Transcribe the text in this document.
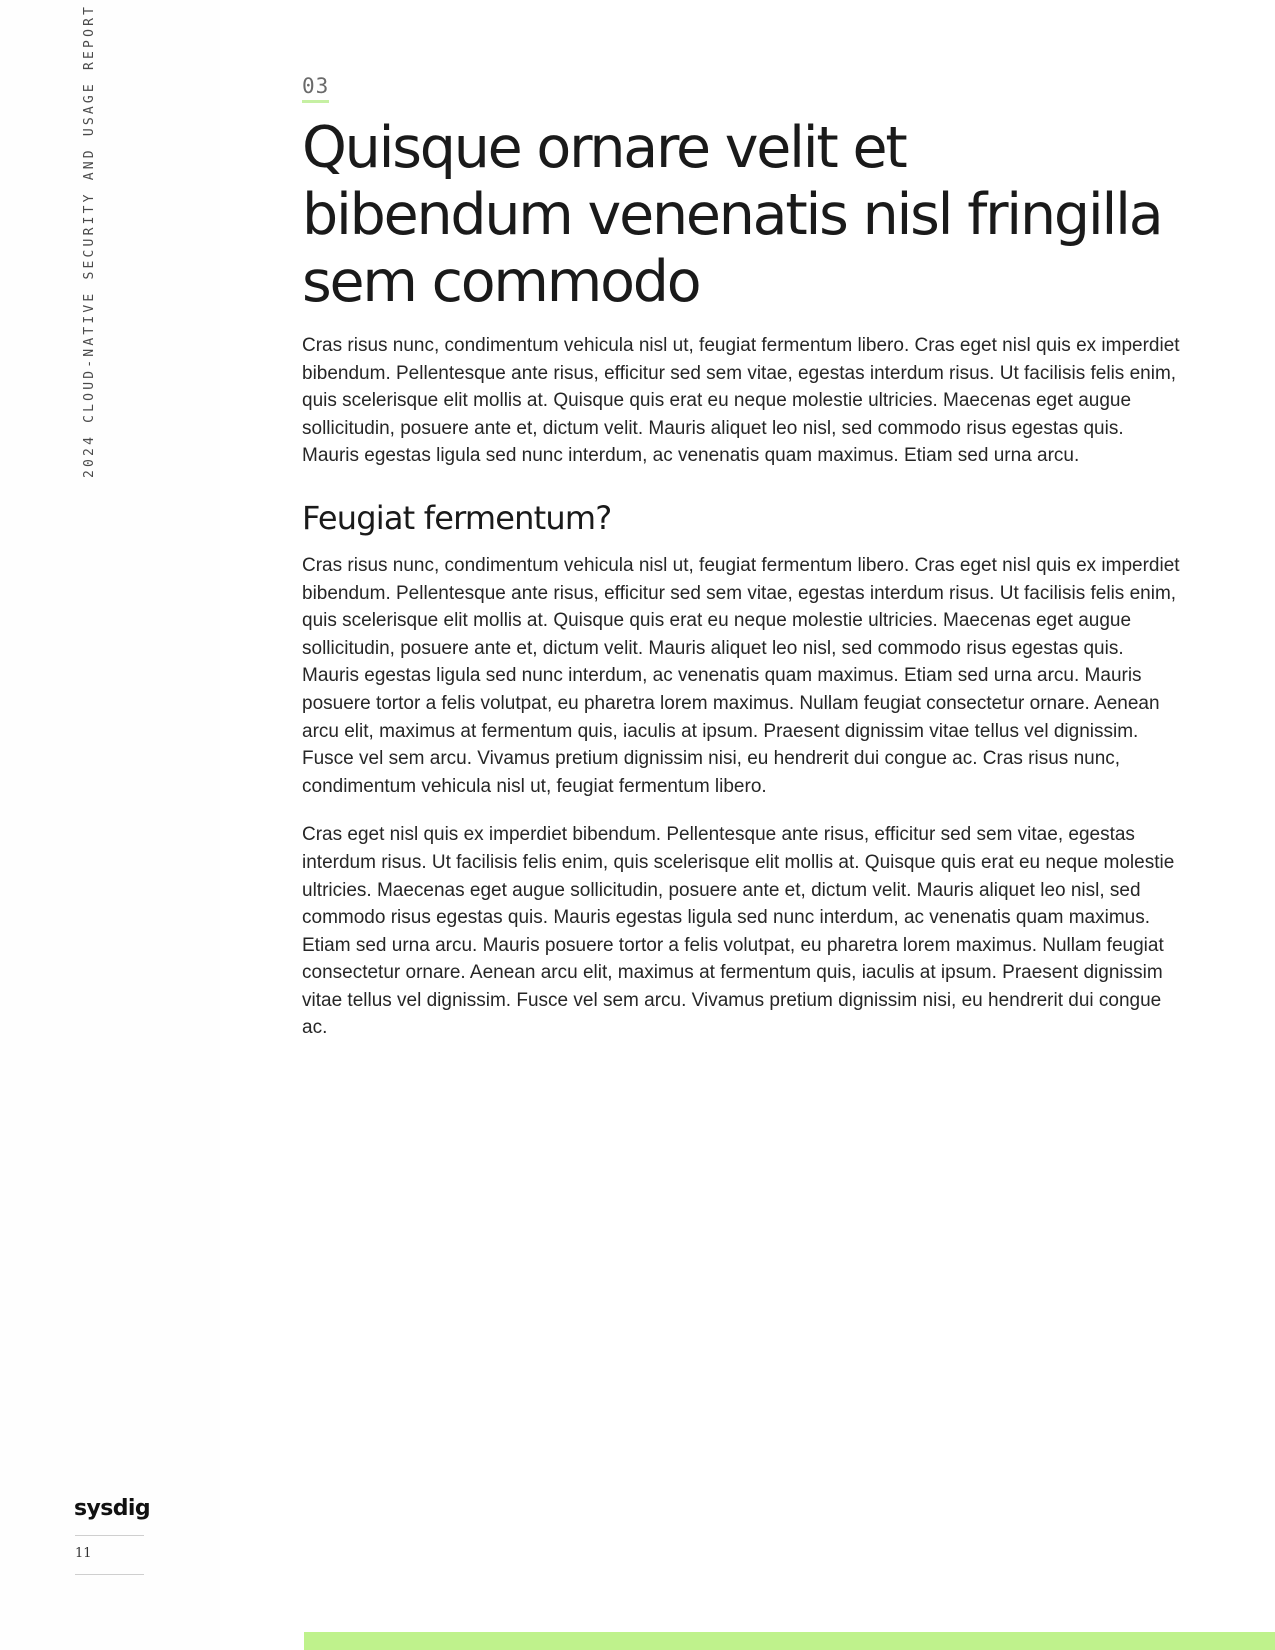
2024 CLOUD-NATIVE SECURITY AND USAGE REPORT
sysdig
11
03
Quisque ornare velit et bibendum venenatis nisl fringilla sem commodo

Cras risus nunc, condimentum vehicula nisl ut, feugiat fermentum libero. Cras eget nisl quis ex imperdiet bibendum. Pellentesque ante risus, efficitur sed sem vitae, egestas interdum risus. Ut facilisis felis enim, quis scelerisque elit mollis at. Quisque quis erat eu neque molestie ultricies. Maecenas eget augue sollicitudin, posuere ante et, dictum velit. Mauris aliquet leo nisl, sed commodo risus egestas quis. Mauris egestas ligula sed nunc interdum, ac venenatis quam maximus. Etiam sed urna arcu.

Feugiat fermentum?

Cras risus nunc, condimentum vehicula nisl ut, feugiat fermentum libero. Cras eget nisl quis ex imperdiet bibendum. Pellentesque ante risus, efficitur sed sem vitae, egestas interdum risus. Ut facilisis felis enim, quis scelerisque elit mollis at. Quisque quis erat eu neque molestie ultricies. Maecenas eget augue sollicitudin, posuere ante et, dictum velit. Mauris aliquet leo nisl, sed commodo risus egestas quis. Mauris egestas ligula sed nunc interdum, ac venenatis quam maximus. Etiam sed urna arcu. Mauris posuere tortor a felis volutpat, eu pharetra lorem maximus. Nullam feugiat consectetur ornare. Aenean arcu elit, maximus at fermentum quis, iaculis at ipsum. Praesent dignissim vitae tellus vel dignissim. Fusce vel sem arcu. Vivamus pretium dignissim nisi, eu hendrerit dui congue ac. Cras risus nunc, condimentum vehicula nisl ut, feugiat fermentum libero.

Cras eget nisl quis ex imperdiet bibendum. Pellentesque ante risus, efficitur sed sem vitae, egestas interdum risus. Ut facilisis felis enim, quis scelerisque elit mollis at. Quisque quis erat eu neque molestie ultricies. Maecenas eget augue sollicitudin, posuere ante et, dictum velit. Mauris aliquet leo nisl, sed commodo risus egestas quis. Mauris egestas ligula sed nunc interdum, ac venenatis quam maximus. Etiam sed urna arcu. Mauris posuere tortor a felis volutpat, eu pharetra lorem maximus. Nullam feugiat consectetur ornare. Aenean arcu elit, maximus at fermentum quis, iaculis at ipsum. Praesent dignissim vitae tellus vel dignissim. Fusce vel sem arcu. Vivamus pretium dignissim nisi, eu hendrerit dui congue ac.
